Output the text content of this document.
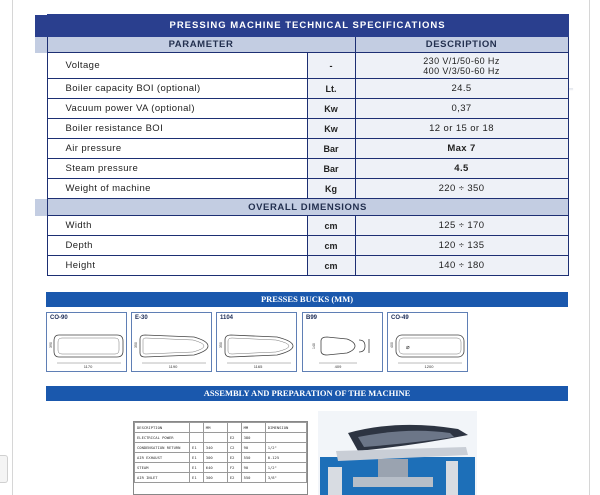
	PRESSING MACHINE TECHNICAL SPECIFICATIONS		
	PARAMETER		DESCRIPTION
	Voltage	-	230 V/1/50-60 Hz
400 V/3/50-60 Hz

	Boiler capacity BOI (optional)	Lt.	24.5
	Vacuum power VA (optional)	Kw	0,37
	Boiler resistance BOI	Kw	12 or 15 or 18
	Air pressure	Bar	Max 7
	Steam pressure	Bar	4.5
	Weight of machine	Kg	220 ÷ 350
	OVERALL DIMENSIONS		
	Width	cm	125 ÷ 170
	Depth	cm	120 ÷ 135
	Height	cm	140 ÷ 180
PRESSES BUCKS (MM)
CO-90
1170
390
E-30
1190
350
1104
1165
350
B99
409
140
CO-49
⌀
1200
400
ASSEMBLY AND PREPARATION OF THE MACHINE
DESCRIPTION		MM		MM	DIMENSION
ELECTRICAL POWER			E2	380	
CONDENSATION RETURN	E1	340	C2	90	1/2"
AIR EXHAUST	E1	300	E2	550	0.125
STEAM	E1	640	F2	90	1/2"
AIR INLET	E1	300	E2	550	3/8"
